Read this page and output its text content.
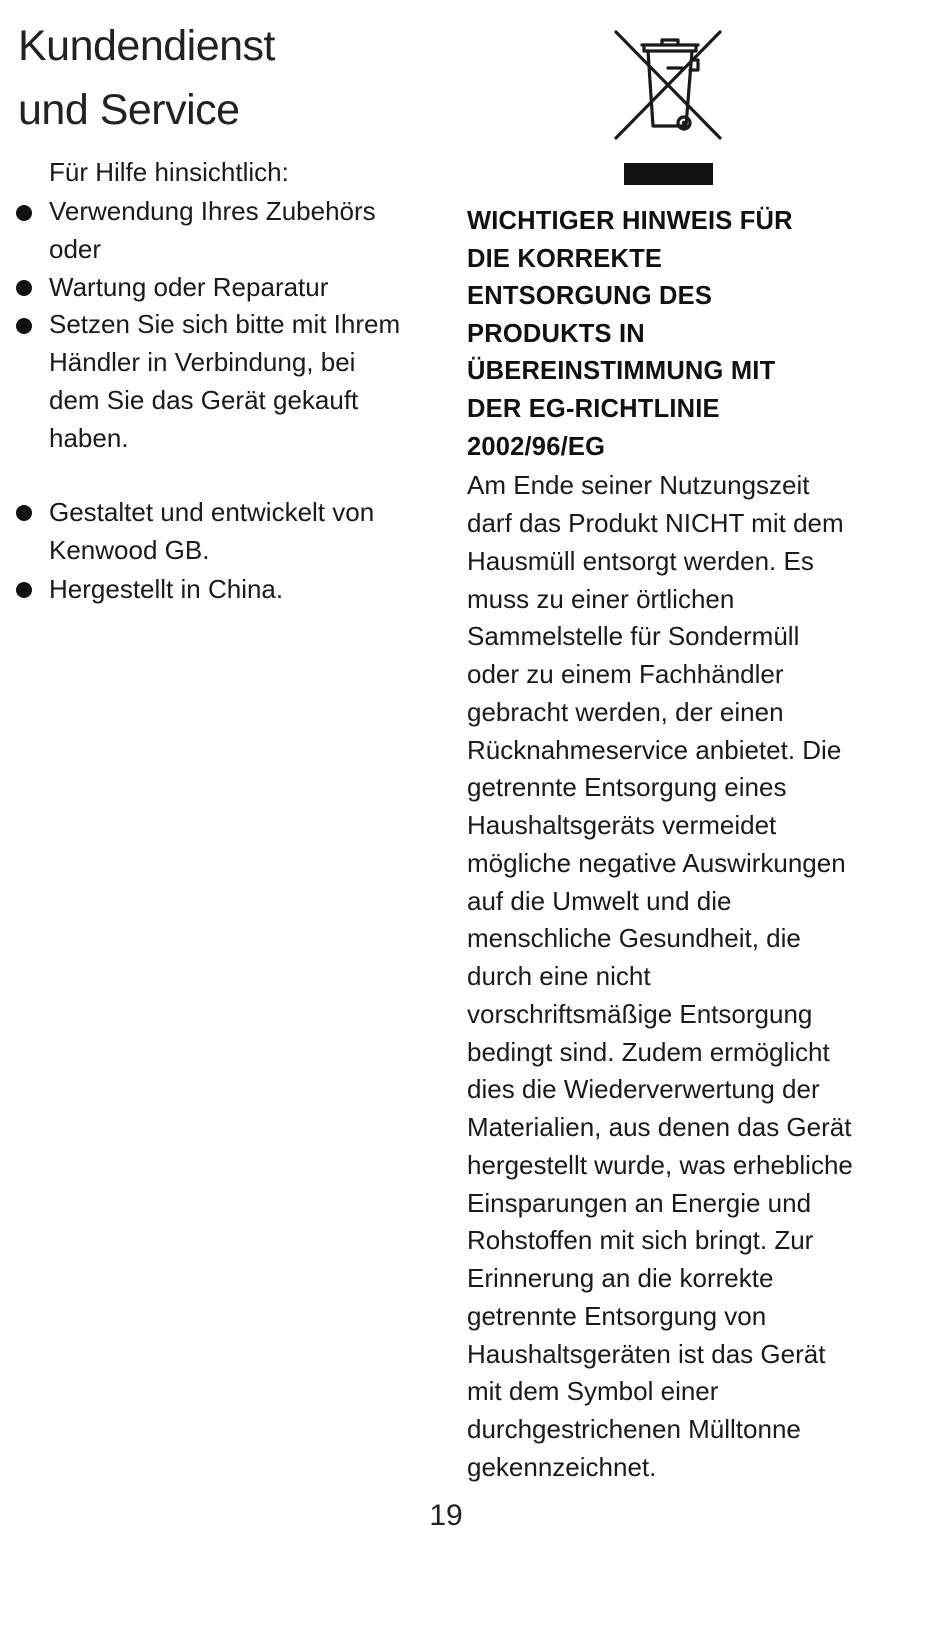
Kundendienst
und Service
Für Hilfe hinsichtlich:
Verwendung Ihres Zubehörs
oder
Wartung oder Reparatur
Setzen Sie sich bitte mit Ihrem
Händler in Verbindung, bei
dem Sie das Gerät gekauft
haben.
Gestaltet und entwickelt von
Kenwood GB.
Hergestellt in China.
WICHTIGER HINWEIS FÜR
DIE KORREKTE
ENTSORGUNG DES
PRODUKTS IN
ÜBEREINSTIMMUNG MIT
DER EG-RICHTLINIE
2002/96/EG
Am Ende seiner Nutzungszeit
darf das Produkt NICHT mit dem
Hausmüll entsorgt werden. Es
muss zu einer örtlichen
Sammelstelle für Sondermüll
oder zu einem Fachhändler
gebracht werden, der einen
Rücknahmeservice anbietet. Die
getrennte Entsorgung eines
Haushaltsgeräts vermeidet
mögliche negative Auswirkungen
auf die Umwelt und die
menschliche Gesundheit, die
durch eine nicht
vorschriftsmäßige Entsorgung
bedingt sind. Zudem ermöglicht
dies die Wiederverwertung der
Materialien, aus denen das Gerät
hergestellt wurde, was erhebliche
Einsparungen an Energie und
Rohstoffen mit sich bringt. Zur
Erinnerung an die korrekte
getrennte Entsorgung von
Haushaltsgeräten ist das Gerät
mit dem Symbol einer
durchgestrichenen Mülltonne
gekennzeichnet.
19
